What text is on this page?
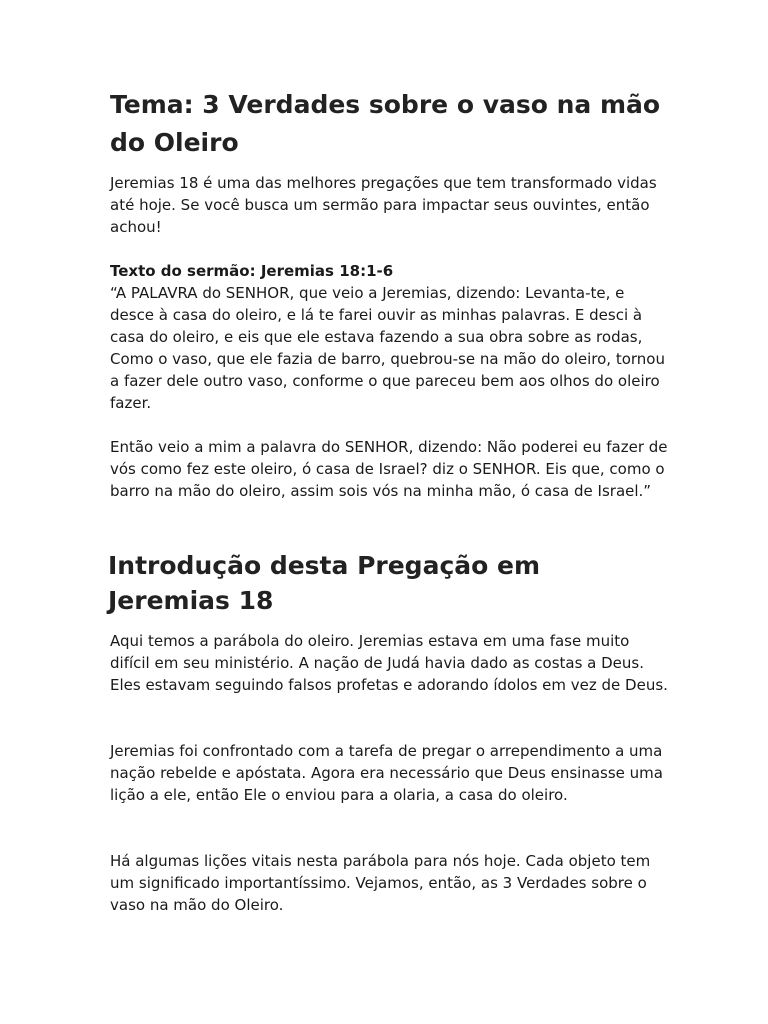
Tema: 3 Verdades sobre o vaso na mão do Oleiro

Jeremias 18 é uma das melhores pregações que tem transformado vidas até hoje. Se você busca um sermão para impactar seus ouvintes, então achou!

Texto do sermão: Jeremias 18:1-6
“A PALAVRA do SENHOR, que veio a Jeremias, dizendo: Levanta-te, e desce à casa do oleiro, e lá te farei ouvir as minhas palavras. E desci à casa do oleiro, e eis que ele estava fazendo a sua obra sobre as rodas, Como o vaso, que ele fazia de barro, quebrou-se na mão do oleiro, tornou a fazer dele outro vaso, conforme o que pareceu bem aos olhos do oleiro fazer.

Então veio a mim a palavra do SENHOR, dizendo: Não poderei eu fazer de vós como fez este oleiro, ó casa de Israel? diz o SENHOR. Eis que, como o barro na mão do oleiro, assim sois vós na minha mão, ó casa de Israel.”

Introdução desta Pregação em Jeremias 18

Aqui temos a parábola do oleiro. Jeremias estava em uma fase muito difícil em seu ministério. A nação de Judá havia dado as costas a Deus. Eles estavam seguindo falsos profetas e adorando ídolos em vez de Deus.

Jeremias foi confrontado com a tarefa de pregar o arrependimento a uma nação rebelde e apóstata. Agora era necessário que Deus ensinasse uma lição a ele, então Ele o enviou para a olaria, a casa do oleiro.

Há algumas lições vitais nesta parábola para nós hoje. Cada objeto tem um significado importantíssimo. Vejamos, então, as 3 Verdades sobre o vaso na mão do Oleiro.
